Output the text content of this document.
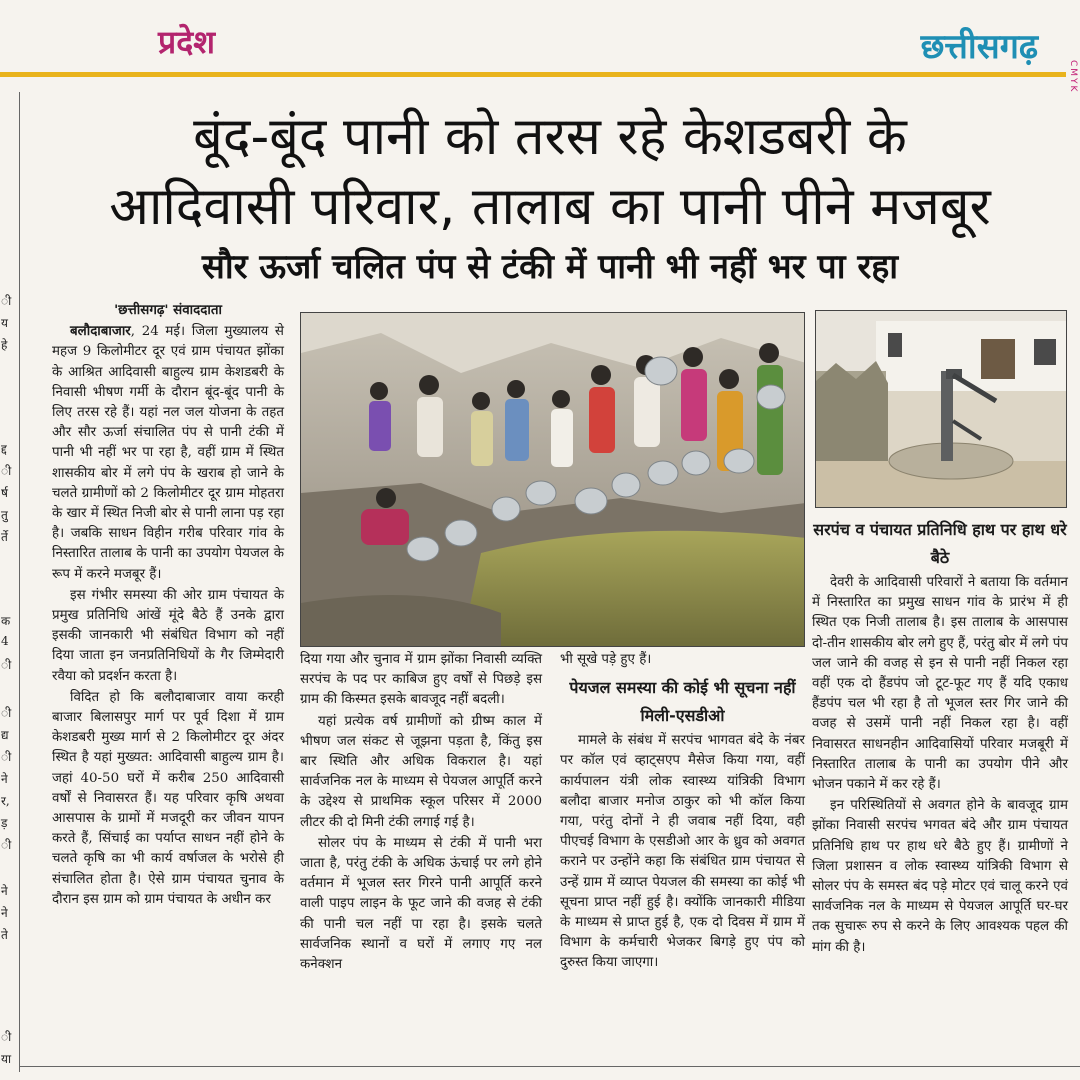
प्रदेश	छत्तीसगढ़
CMYK
ी
य
हे
द्द
ी
र्ष
तु
र्ते
क
4
ी
ी
द्य
ी
ने
र,
ड़
ी
ने
ने
ते
ी
या
बूंद-बूंद पानी को तरस रहे केशडबरी के
आदिवासी परिवार, तालाब का पानी पीने मजबूर
सौर ऊर्जा चलित पंप से टंकी में पानी भी नहीं भर पा रहा

'छत्तीसगढ़' संवाददाता

बलौदाबाजार, 24 मई। जिला मुख्यालय से महज 9 किलोमीटर दूर एवं ग्राम पंचायत झोंका के आश्रित आदिवासी बाहुल्य ग्राम केशडबरी के निवासी भीषण गर्मी के दौरान बूंद-बूंद पानी के लिए तरस रहे हैं। यहां नल जल योजना के तहत और सौर ऊर्जा संचालित पंप से पानी टंकी में पानी भी नहीं भर पा रहा है, वहीं ग्राम में स्थित शासकीय बोर में लगे पंप के खराब हो जाने के चलते ग्रामीणों को 2 किलोमीटर दूर ग्राम मोहतरा के खार में स्थित निजी बोर से पानी लाना पड़ रहा है। जबकि साधन विहीन गरीब परिवार गांव के निस्तारित तालाब के पानी का उपयोग पेयजल के रूप में करने मजबूर हैं।

इस गंभीर समस्या की ओर ग्राम पंचायत के प्रमुख प्रतिनिधि आंखें मूंदे बैठे हैं उनके द्वारा इसकी जानकारी भी संबंधित विभाग को नहीं दिया जाता इन जनप्रतिनिधियों के गैर जिम्मेदारी रवैया को प्रदर्शन करता है।

विदित हो कि बलौदाबाजार वाया करही बाजार बिलासपुर मार्ग पर पूर्व दिशा में ग्राम केशडबरी मुख्य मार्ग से 2 किलोमीटर दूर अंदर स्थित है यहां मुख्यत: आदिवासी बाहुल्य ग्राम है। जहां 40-50 घरों में करीब 250 आदिवासी वर्षों से निवासरत हैं। यह परिवार कृषि अथवा आसपास के ग्रामों में मजदूरी कर जीवन यापन करते हैं, सिंचाई का पर्याप्त साधन नहीं होने के चलते कृषि का भी कार्य वर्षाजल के भरोसे ही संचालित होता है। ऐसे ग्राम पंचायत चुनाव के दौरान इस ग्राम को ग्राम पंचायत के अधीन कर

दिया गया और चुनाव में ग्राम झोंका निवासी व्यक्ति सरपंच के पद पर काबिज हुए वर्षों से पिछड़े इस ग्राम की किस्मत इसके बावजूद नहीं बदली।

यहां प्रत्येक वर्ष ग्रामीणों को ग्रीष्म काल में भीषण जल संकट से जूझना पड़ता है, किंतु इस बार स्थिति और अधिक विकराल है। यहां सार्वजनिक नल के माध्यम से पेयजल आपूर्ति करने के उद्देश्य से प्राथमिक स्कूल परिसर में 2000 लीटर की दो मिनी टंकी लगाई गई है।

सोलर पंप के माध्यम से टंकी में पानी भरा जाता है, परंतु टंकी के अधिक ऊंचाई पर लगे होने वर्तमान में भूजल स्तर गिरने पानी आपूर्ति करने वाली पाइप लाइन के फूट जाने की वजह से टंकी की पानी चल नहीं पा रहा है। इसके चलते सार्वजनिक स्थानों व घरों में लगाए गए नल कनेक्शन

भी सूखे पड़े हुए हैं।

पेयजल समस्या की कोई भी सूचना नहीं मिली-एसडीओ

मामले के संबंध में सरपंच भागवत बंदे के नंबर पर कॉल एवं व्हाट्सएप मैसेज किया गया, वहीं कार्यपालन यंत्री लोक स्वास्थ्य यांत्रिकी विभाग बलौदा बाजार मनोज ठाकुर को भी कॉल किया गया, परंतु दोनों ने ही जवाब नहीं दिया, वही पीएचई विभाग के एसडीओ आर के ध्रुव को अवगत कराने पर उन्होंने कहा कि संबंधित ग्राम पंचायत से उन्हें ग्राम में व्याप्त पेयजल की समस्या का कोई भी सूचना प्राप्त नहीं हुई है। क्योंकि जानकारी मीडिया के माध्यम से प्राप्त हुई है, एक दो दिवस में ग्राम में विभाग के कर्मचारी भेजकर बिगड़े हुए पंप को दुरुस्त किया जाएगा।

सरपंच व पंचायत प्रतिनिधि हाथ पर हाथ धरे बैठे

देवरी के आदिवासी परिवारों ने बताया कि वर्तमान में निस्तारित का प्रमुख साधन गांव के प्रारंभ में ही स्थित एक निजी तालाब है। इस तालाब के आसपास दो-तीन शासकीय बोर लगे हुए हैं, परंतु बोर में लगे पंप जल जाने की वजह से इन से पानी नहीं निकल रहा वहीं एक दो हैंडपंप जो टूट-फूट गए हैं यदि एकाध हैंडपंप चल भी रहा है तो भूजल स्तर गिर जाने की वजह से उसमें पानी नहीं निकल रहा है। वहीं निवासरत साधनहीन आदिवासियों परिवार मजबूरी में निस्तारित तालाब के पानी का उपयोग पीने और भोजन पकाने में कर रहे हैं।

इन परिस्थितियों से अवगत होने के बावजूद ग्राम झोंका निवासी सरपंच भगवत बंदे और ग्राम पंचायत प्रतिनिधि हाथ पर हाथ धरे बैठे हुए हैं। ग्रामीणों ने जिला प्रशासन व लोक स्वास्थ्य यांत्रिकी विभाग से सोलर पंप के समस्त बंद पड़े मोटर एवं चालू करने एवं सार्वजनिक नल के माध्यम से पेयजल आपूर्ति घर-घर तक सुचारू रुप से करने के लिए आवश्यक पहल की मांग की है।
